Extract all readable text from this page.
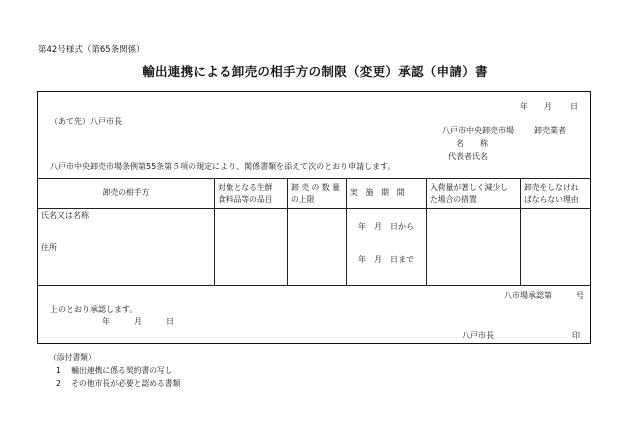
第42号様式（第65条関係）
輸出連携による卸売の相手方の制限（変更）承認（申請）書
年 月 日
（あて先）八戸市長
八戸市中央卸売市場	卸売業者
名　　称
代表者氏名
八戸市中央卸売市場条例第55条第５項の規定により、関係書類を添えて次のとおり申請します。
卸売の相手方
対象となる生鮮
食料品等の品目
卸 売 の 数 量
の上限
実　施　期　間
入荷量が著しく減少し
た場合の措置
卸売をしなけれ
ばならない理由
氏名又は名称
住所
年　月　日から
年　月　日まで
八市場承認第　　　号
上のとおり承認します。
年　　　月　　　日
八戸市長	印
（添付書類）
1　 輸出連携に係る契約書の写し
2　 その他市長が必要と認める書類
